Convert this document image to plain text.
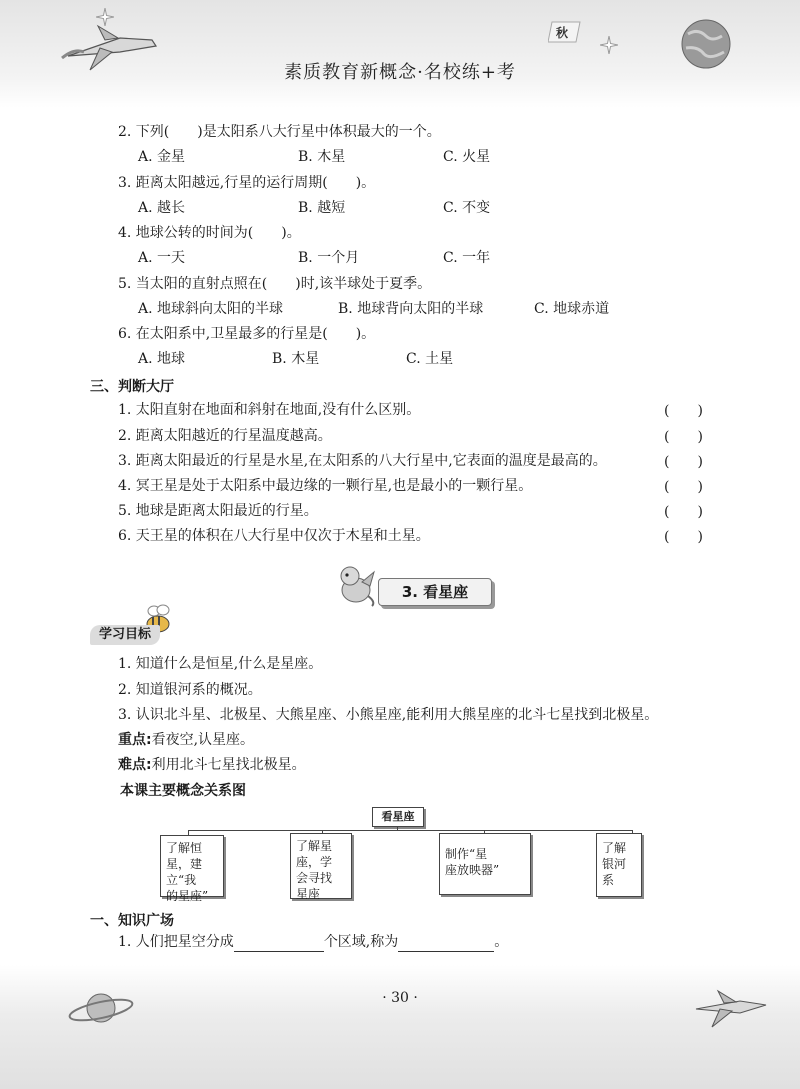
秋
素质教育新概念·名校练+考
2. 下列(　　)是太阳系八大行星中体积最大的一个。
A. 金星	B. 木星	C. 火星
3. 距离太阳越远,行星的运行周期(　　)。
A. 越长	B. 越短	C. 不变
4. 地球公转的时间为(　　)。
A. 一天	B. 一个月	C. 一年
5. 当太阳的直射点照在(　　)时,该半球处于夏季。
A. 地球斜向太阳的半球	B. 地球背向太阳的半球	C. 地球赤道
6. 在太阳系中,卫星最多的行星是(　　)。
A. 地球	B. 木星	C. 土星
三、判断大厅
1. 太阳直射在地面和斜射在地面,没有什么区别。	(　　)
2. 距离太阳越近的行星温度越高。	(　　)
3. 距离太阳最近的行星是水星,在太阳系的八大行星中,它表面的温度是最高的。	(　　)
4. 冥王星是处于太阳系中最边缘的一颗行星,也是最小的一颗行星。	(　　)
5. 地球是距离太阳最近的行星。	(　　)
6. 天王星的体积在八大行星中仅次于木星和土星。	(　　)
3. 看星座
学习目标
1. 知道什么是恒星,什么是星座。
2. 知道银河系的概况。
3. 认识北斗星、北极星、大熊星座、小熊星座,能利用大熊星座的北斗七星找到北极星。
重点:看夜空,认星座。
难点:利用北斗七星找北极星。
本课主要概念关系图
看星座
了解恒
星，建
立“我
的星座”
了解星
座，学
会寻找
星座
制作“星
座放映器”
了解
银河
系
一、知识广场
1. 人们把星空分成	个区域,称为	。
· 30 ·
